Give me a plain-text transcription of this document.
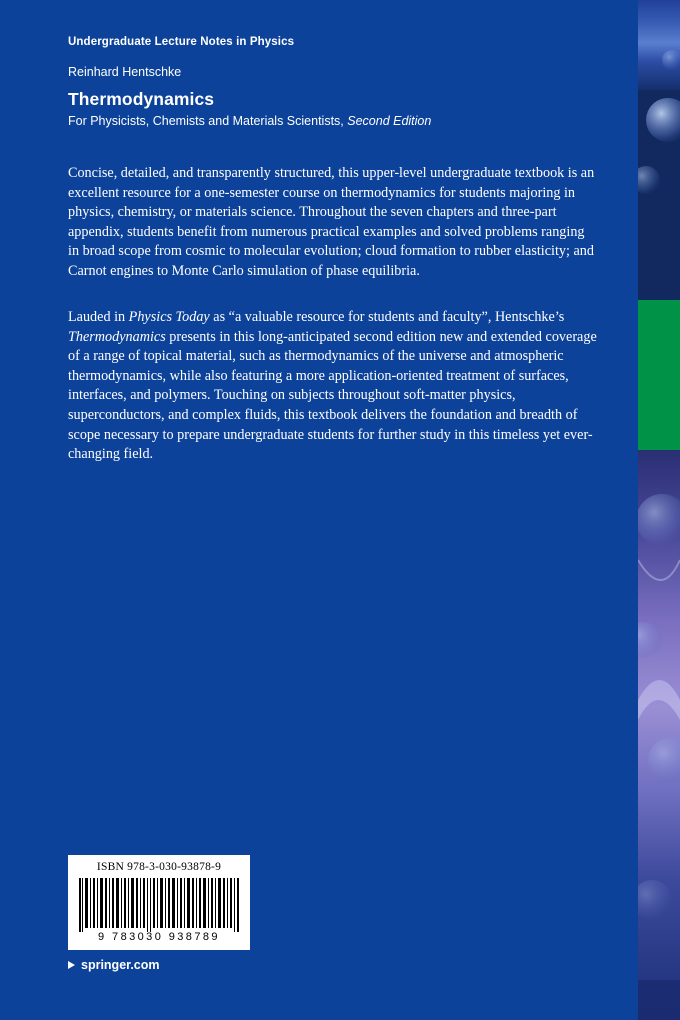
Undergraduate Lecture Notes in Physics
Reinhard Hentschke
Thermodynamics
For Physicists, Chemists and Materials Scientists, Second Edition
Concise, detailed, and transparently structured, this upper-level undergraduate textbook is an excellent resource for a one-semester course on thermodynamics for students majoring in physics, chemistry, or materials science. Throughout the seven chapters and three-part appendix, students benefit from numerous practical examples and solved problems ranging in broad scope from cosmic to molecular evolution; cloud formation to rubber elasticity; and Carnot engines to Monte Carlo simulation of phase equilibria.
Lauded in Physics Today as “a valuable resource for students and faculty”, Hentschke’s Thermodynamics presents in this long-anticipated second edition new and extended coverage of a range of topical material, such as thermodynamics of the universe and atmospheric thermodynamics, while also featuring a more application-oriented treatment of surfaces, interfaces, and polymers. Touching on subjects throughout soft-matter physics, superconductors, and complex fluids, this textbook delivers the foundation and breadth of scope necessary to prepare undergraduate students for further study in this timeless yet ever-changing field.
ISBN 978-3-030-93878-9
9 783030 938789
springer.com
